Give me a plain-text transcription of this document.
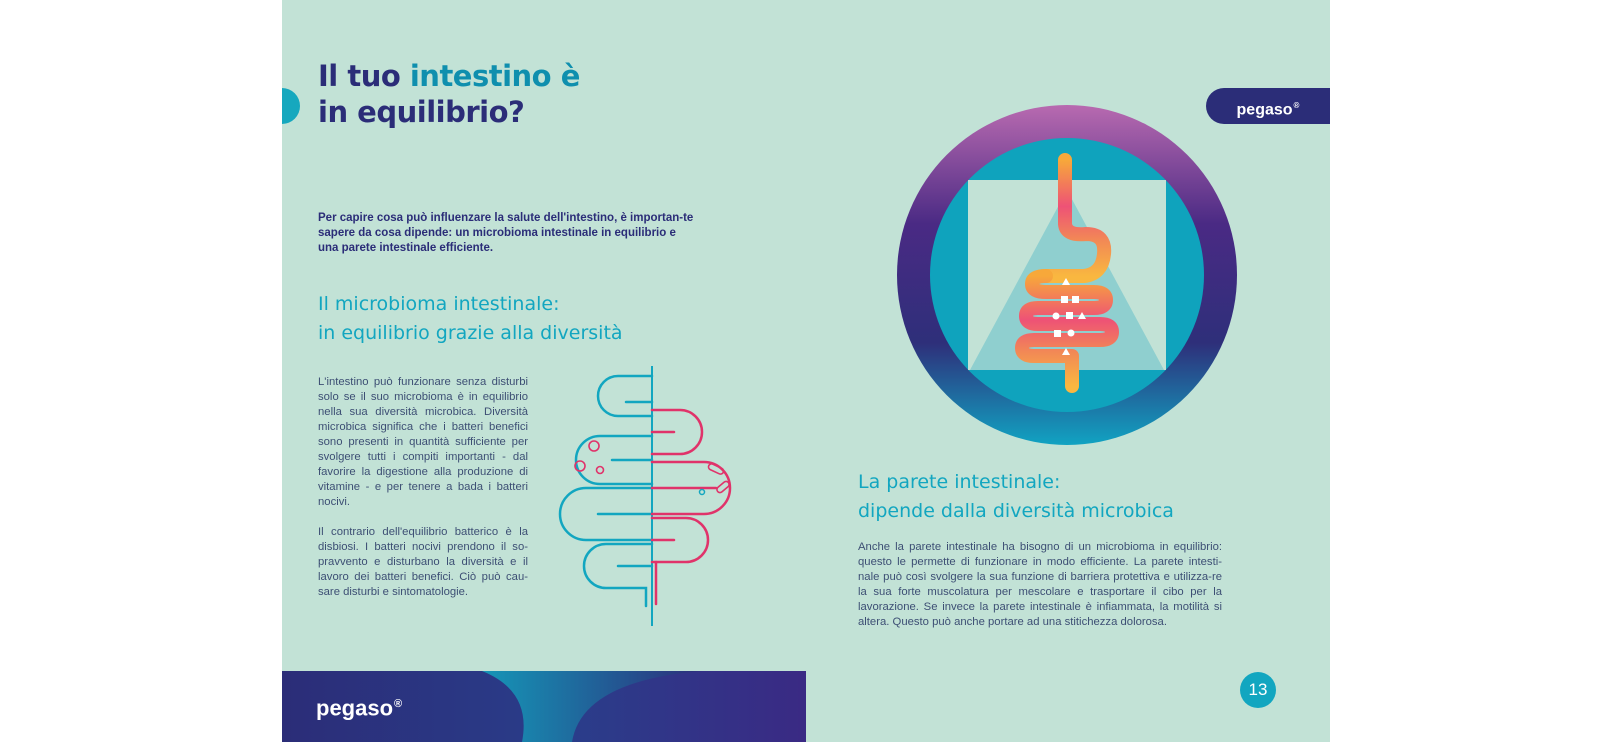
Il tuo intestino è
in equilibrio?

Per capire cosa può influenzare la salute dell'intestino, è importan-te sapere da cosa dipende: un microbioma intestinale in equilibrio e una parete intestinale efficiente.

Il microbioma intestinale:
in equilibrio grazie alla diversità

L'intestino può funzionare senza disturbi solo se il suo microbioma è in equilibrio nella sua diversità microbica. Diversità microbica significa che i batteri benefici sono presenti in quantità sufficiente per svolgere tutti i compiti importanti - dal favorire la digestione alla produzione di vitamine - e per tenere a bada i batteri nocivi.

Il contrario dell'equilibrio batterico è la disbiosi. I batteri nocivi prendono il so-pravvento e disturbano la diversità e il lavoro dei batteri benefici. Ciò può cau-sare disturbi e sintomatologie.

pegaso®
La parete intestinale:
dipende dalla diversità microbica

Anche la parete intestinale ha bisogno di un microbioma in equilibrio: questo le permette di funzionare in modo efficiente. La parete intesti-nale può così svolgere la sua funzione di barriera protettiva e utilizza-re la sua forte muscolatura per mescolare e trasportare il cibo per la lavorazione. Se invece la parete intestinale è infiammata, la motilità si altera. Questo può anche portare ad una stitichezza dolorosa.

pegaso®
13
